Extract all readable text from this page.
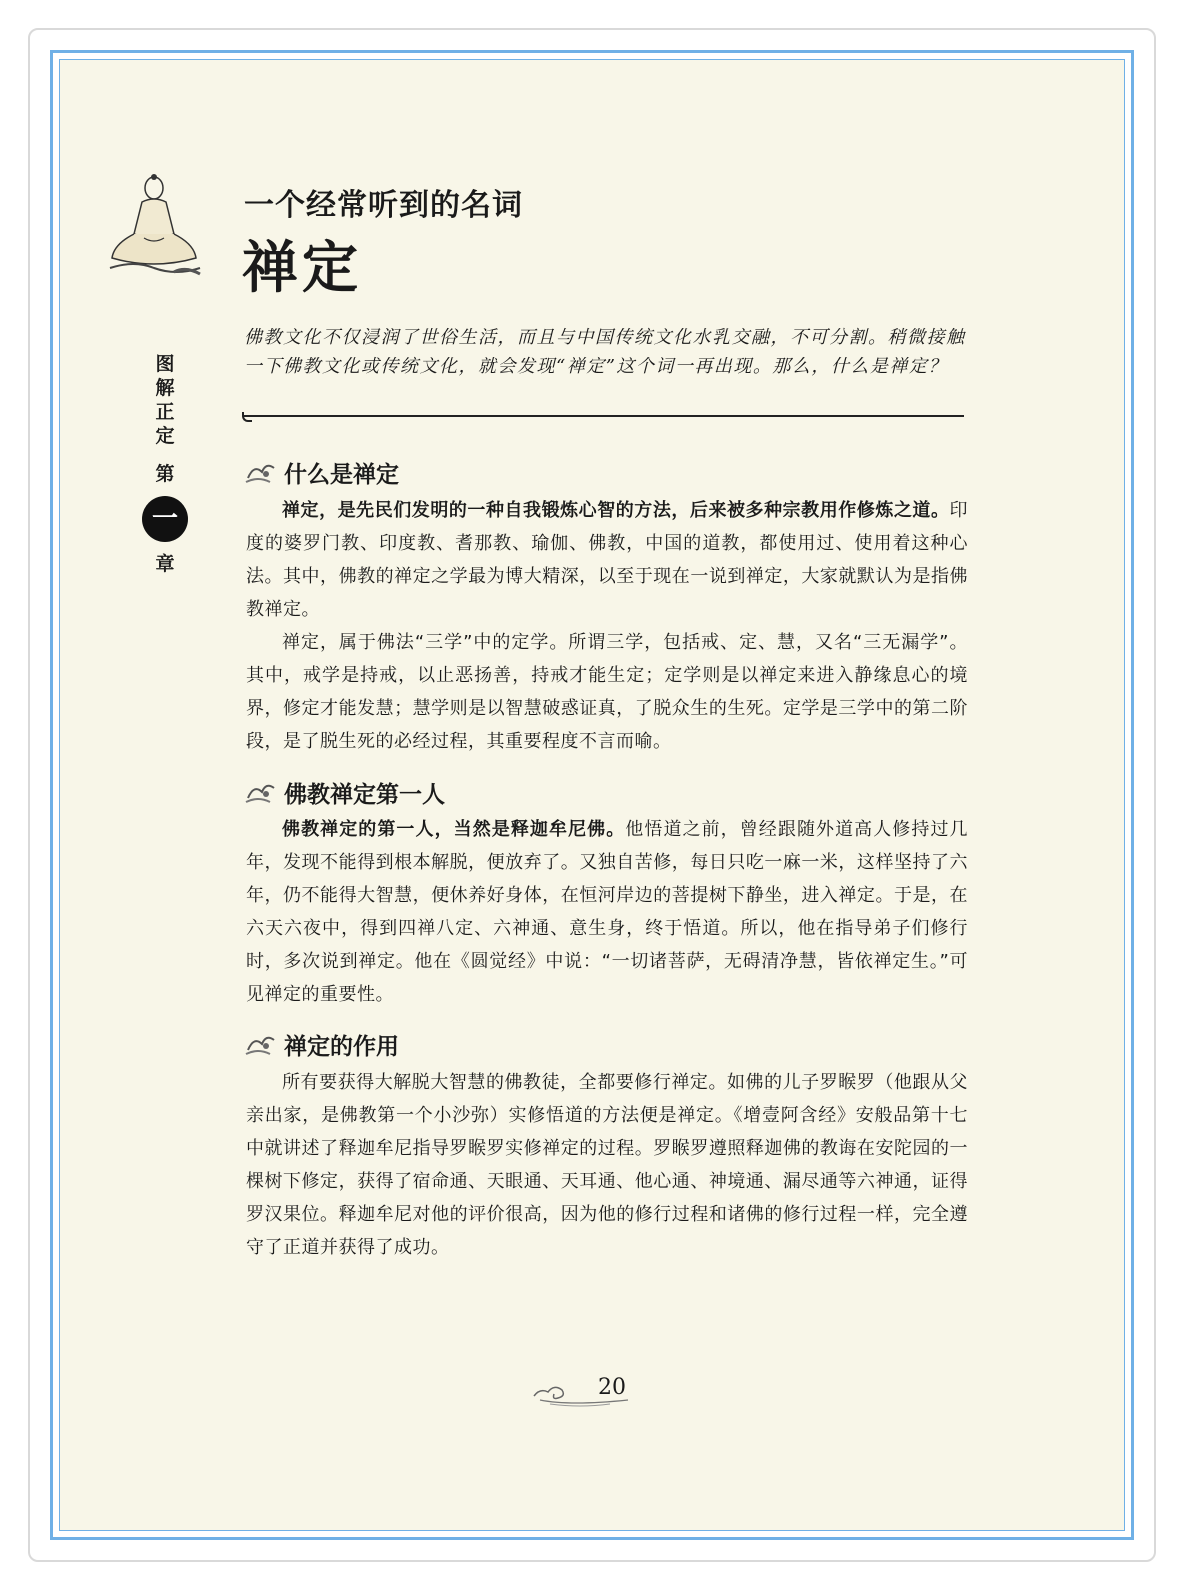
一个经常听到的名词
禅定
图
解
正
定
第
一
章
佛教文化不仅浸润了世俗生活，而且与中国传统文化水乳交融，不可分割。稍微接触一下佛教文化或传统文化，就会发现“禅定”这个词一再出现。那么，什么是禅定？
什么是禅定
禅定，是先民们发明的一种自我锻炼心智的方法，后来被多种宗教用作修炼之道。印度的婆罗门教、印度教、耆那教、瑜伽、佛教，中国的道教，都使用过、使用着这种心法。其中，佛教的禅定之学最为博大精深，以至于现在一说到禅定，大家就默认为是指佛教禅定。
禅定，属于佛法“三学”中的定学。所谓三学，包括戒、定、慧，又名“三无漏学”。其中，戒学是持戒，以止恶扬善，持戒才能生定；定学则是以禅定来进入静缘息心的境界，修定才能发慧；慧学则是以智慧破惑证真，了脱众生的生死。定学是三学中的第二阶段，是了脱生死的必经过程，其重要程度不言而喻。
佛教禅定第一人
佛教禅定的第一人，当然是释迦牟尼佛。他悟道之前，曾经跟随外道高人修持过几年，发现不能得到根本解脱，便放弃了。又独自苦修，每日只吃一麻一米，这样坚持了六年，仍不能得大智慧，便休养好身体，在恒河岸边的菩提树下静坐，进入禅定。于是，在六天六夜中，得到四禅八定、六神通、意生身，终于悟道。所以，他在指导弟子们修行时，多次说到禅定。他在《圆觉经》中说：“一切诸菩萨，无碍清净慧，皆依禅定生。”可见禅定的重要性。
禅定的作用
所有要获得大解脱大智慧的佛教徒，全都要修行禅定。如佛的儿子罗睺罗（他跟从父亲出家，是佛教第一个小沙弥）实修悟道的方法便是禅定。《增壹阿含经》安般品第十七中就讲述了释迦牟尼指导罗睺罗实修禅定的过程。罗睺罗遵照释迦佛的教诲在安陀园的一棵树下修定，获得了宿命通、天眼通、天耳通、他心通、神境通、漏尽通等六神通，证得罗汉果位。释迦牟尼对他的评价很高，因为他的修行过程和诸佛的修行过程一样，完全遵守了正道并获得了成功。
20
